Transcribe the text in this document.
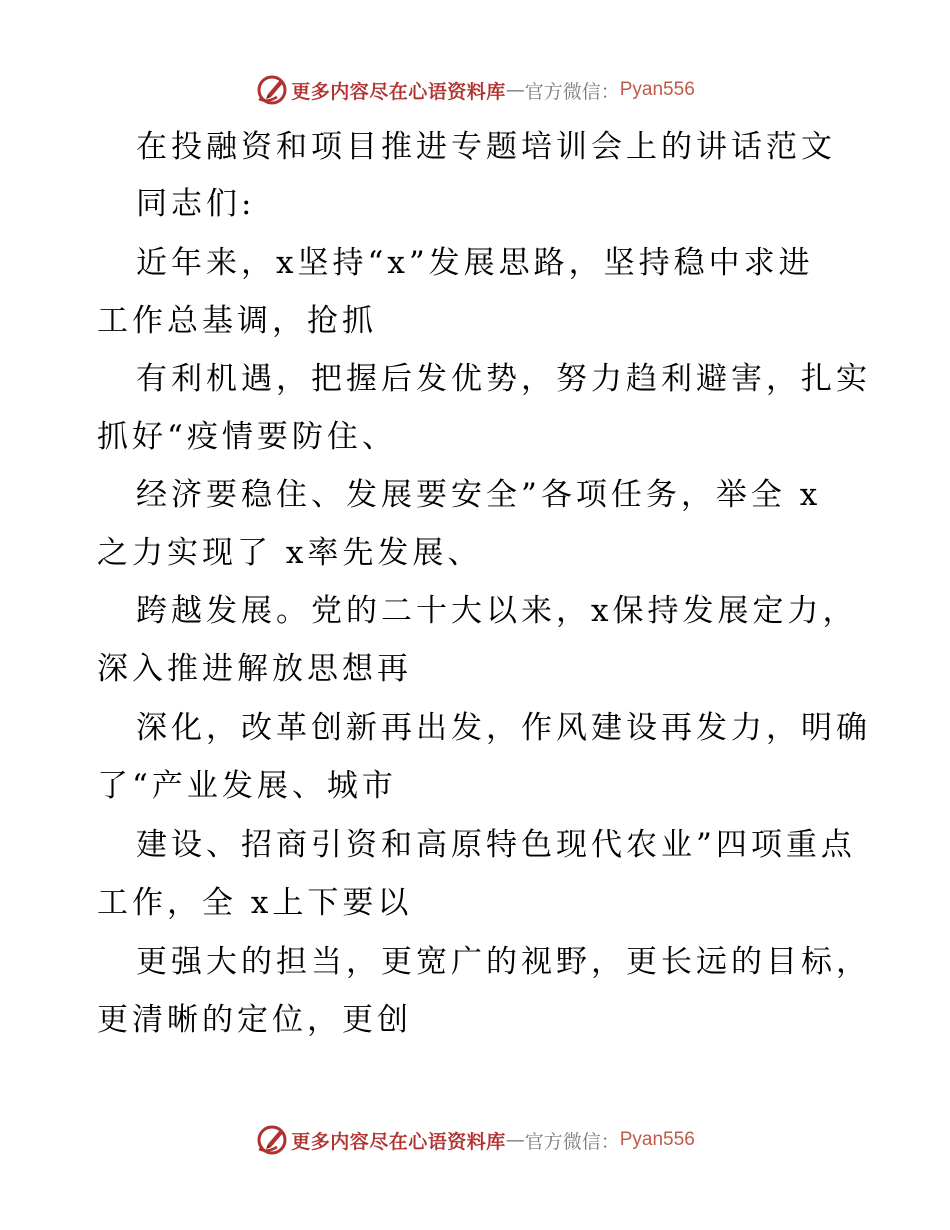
更多内容尽在心语资料库 — 官方微信： Pyan556
在投融资和项目推进专题培训会上的讲话范文
同志们:
近年来，x坚持“x”发展思路，坚持稳中求进
工作总基调，抢抓
有利机遇，把握后发优势，努力趋利避害，扎实
抓好“疫情要防住、
经济要稳住、发展要安全”各项任务，举全 x
之力实现了 x率先发展、
跨越发展。党的二十大以来，x保持发展定力，
深入推进解放思想再
深化，改革创新再出发，作风建设再发力，明确
了“产业发展、城市
建设、招商引资和高原特色现代农业”四项重点
工作，全 x上下要以
更强大的担当，更宽广的视野，更长远的目标，
更清晰的定位，更创
更多内容尽在心语资料库 — 官方微信： Pyan556
